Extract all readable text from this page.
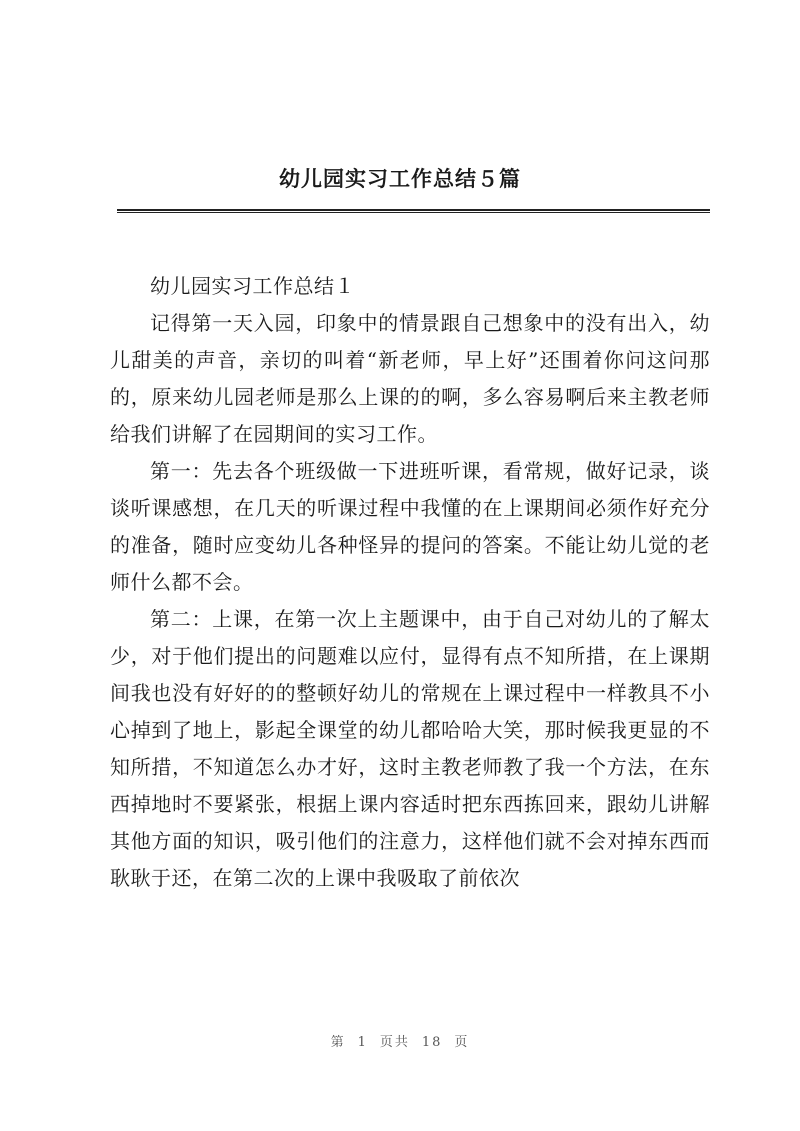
幼儿园实习工作总结５篇

幼儿园实习工作总结１

记得第一天入园，印象中的情景跟自己想象中的没有出入，幼儿甜美的声音，亲切的叫着“新老师，早上好”还围着你问这问那的，原来幼儿园老师是那么上课的的啊，多么容易啊后来主教老师给我们讲解了在园期间的实习工作。

第一：先去各个班级做一下进班听课，看常规，做好记录，谈谈听课感想，在几天的听课过程中我懂的在上课期间必须作好充分的准备，随时应变幼儿各种怪异的提问的答案。不能让幼儿觉的老师什么都不会。

第二：上课，在第一次上主题课中，由于自己对幼儿的了解太少，对于他们提出的问题难以应付，显得有点不知所措，在上课期间我也没有好好的的整顿好幼儿的常规在上课过程中一样教具不小心掉到了地上，影起全课堂的幼儿都哈哈大笑，那时候我更显的不知所措，不知道怎么办才好，这时主教老师教了我一个方法，在东西掉地时不要紧张，根据上课内容适时把东西拣回来，跟幼儿讲解其他方面的知识，吸引他们的注意力，这样他们就不会对掉东西而耿耿于还，在第二次的上课中我吸取了前依次

第 1 页共 18 页
